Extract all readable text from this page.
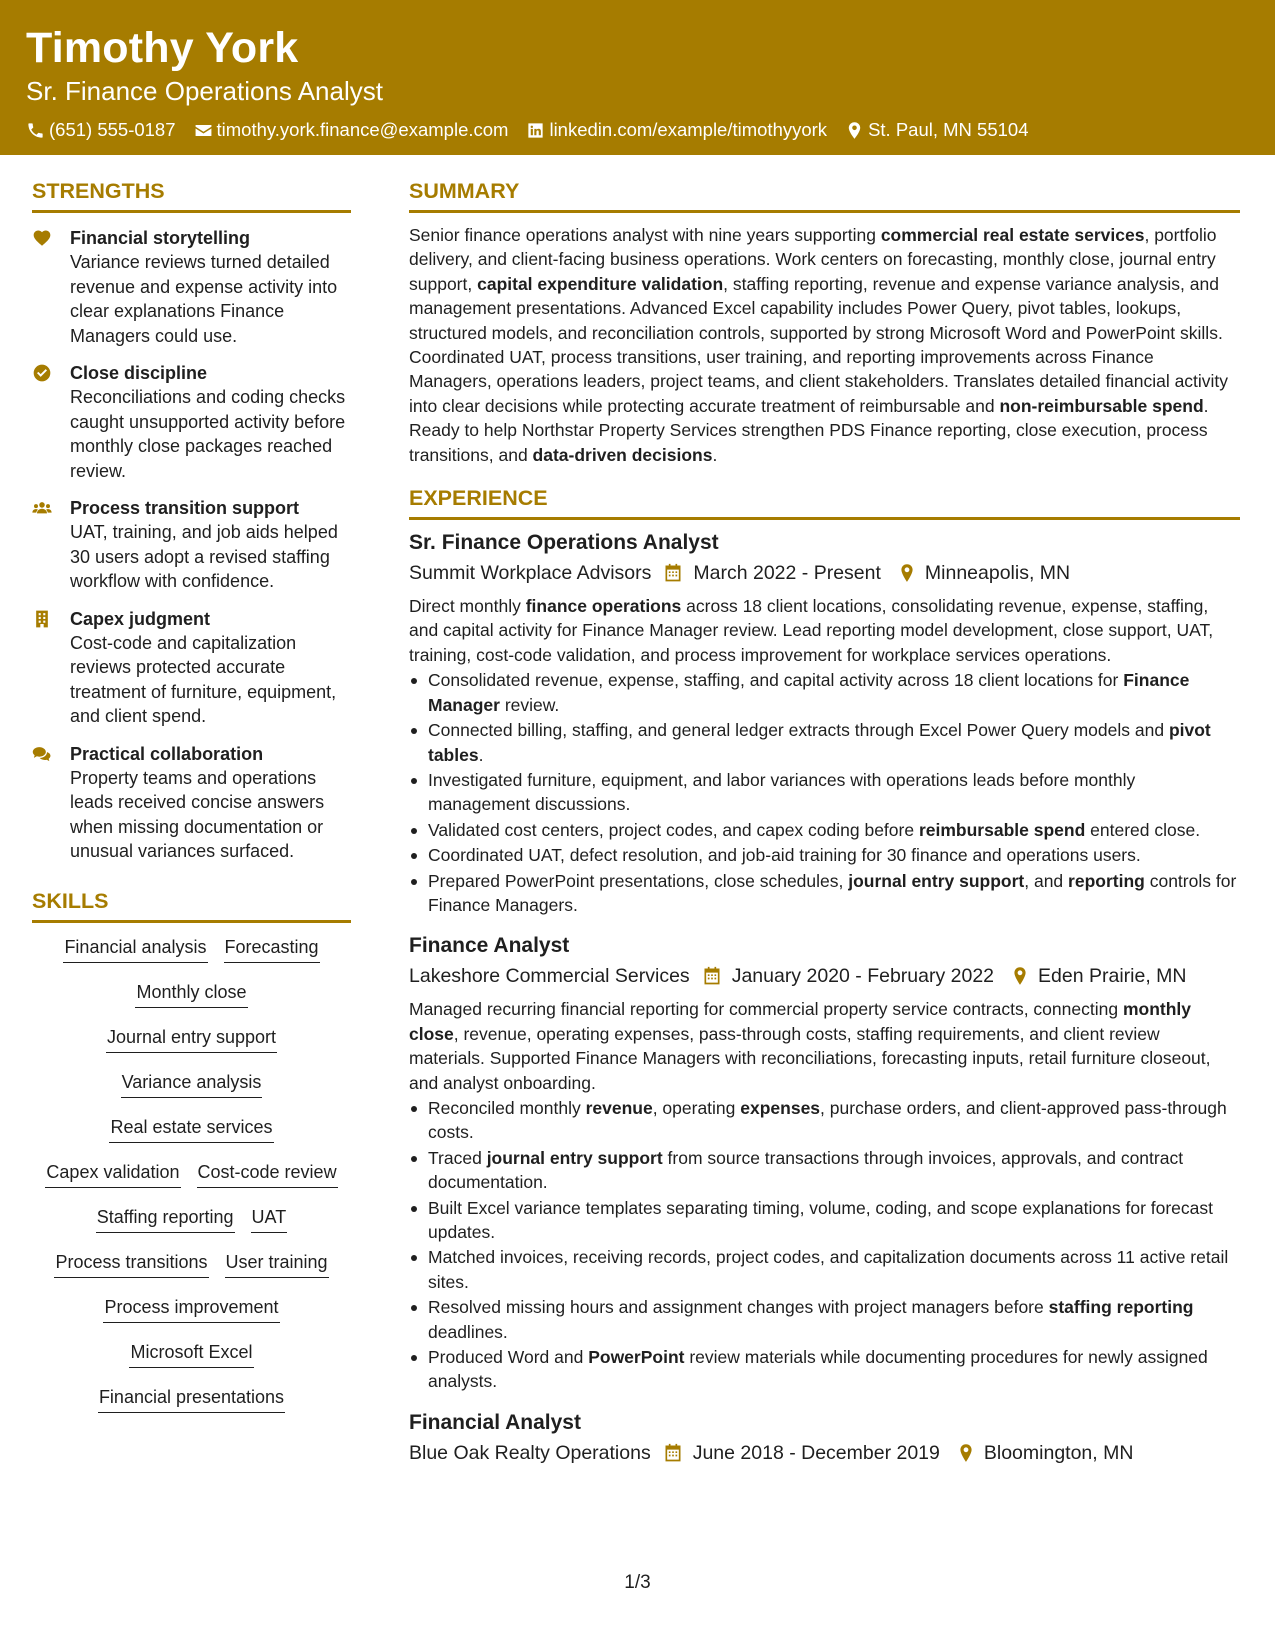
Timothy York
Sr. Finance Operations Analyst
(651) 555-0187 timothy.york.finance@example.com linkedin.com/example/timothyyork St. Paul, MN 55104
STRENGTHS
Financial storytelling
Variance reviews turned detailed revenue and expense activity into clear explanations Finance Managers could use.
Close discipline
Reconciliations and coding checks caught unsupported activity before monthly close packages reached review.
Process transition support
UAT, training, and job aids helped 30 users adopt a revised staffing workflow with confidence.
Capex judgment
Cost-code and capitalization reviews protected accurate treatment of furniture, equipment, and client spend.
Practical collaboration
Property teams and operations leads received concise answers when missing documentation or unusual variances surfaced.
SKILLS
Financial analysis Forecasting
Monthly close
Journal entry support
Variance analysis
Real estate services
Capex validation Cost-code review
Staffing reporting UAT
Process transitions User training
Process improvement
Microsoft Excel
Financial presentations
SUMMARY

Senior finance operations analyst with nine years supporting commercial real estate services, portfolio delivery, and client-facing business operations. Work centers on forecasting, monthly close, journal entry support, capital expenditure validation, staffing reporting, revenue and expense variance analysis, and management presentations. Advanced Excel capability includes Power Query, pivot tables, lookups, structured models, and reconciliation controls, supported by strong Microsoft Word and PowerPoint skills. Coordinated UAT, process transitions, user training, and reporting improvements across Finance Managers, operations leaders, project teams, and client stakeholders. Translates detailed financial activity into clear decisions while protecting accurate treatment of reimbursable and non-reimbursable spend. Ready to help Northstar Property Services strengthen PDS Finance reporting, close execution, process transitions, and data-driven decisions.

EXPERIENCE
Sr. Finance Operations Analyst
Summit Workplace Advisors March 2022 - Present Minneapolis, MN

Direct monthly finance operations across 18 client locations, consolidating revenue, expense, staffing, and capital activity for Finance Manager review. Lead reporting model development, close support, UAT, training, cost-code validation, and process improvement for workplace services operations.

Consolidated revenue, expense, staffing, and capital activity across 18 client locations for Finance Manager review.
Connected billing, staffing, and general ledger extracts through Excel Power Query models and pivot tables.
Investigated furniture, equipment, and labor variances with operations leads before monthly management discussions.
Validated cost centers, project codes, and capex coding before reimbursable spend entered close.
Coordinated UAT, defect resolution, and job-aid training for 30 finance and operations users.
Prepared PowerPoint presentations, close schedules, journal entry support, and reporting controls for Finance Managers.
Finance Analyst
Lakeshore Commercial Services January 2020 - February 2022 Eden Prairie, MN

Managed recurring financial reporting for commercial property service contracts, connecting monthly close, revenue, operating expenses, pass-through costs, staffing requirements, and client review materials. Supported Finance Managers with reconciliations, forecasting inputs, retail furniture closeout, and analyst onboarding.

Reconciled monthly revenue, operating expenses, purchase orders, and client-approved pass-through costs.
Traced journal entry support from source transactions through invoices, approvals, and contract documentation.
Built Excel variance templates separating timing, volume, coding, and scope explanations for forecast updates.
Matched invoices, receiving records, project codes, and capitalization documents across 11 active retail sites.
Resolved missing hours and assignment changes with project managers before staffing reporting deadlines.
Produced Word and PowerPoint review materials while documenting procedures for newly assigned analysts.
Financial Analyst
Blue Oak Realty Operations June 2018 - December 2019 Bloomington, MN
1/3
